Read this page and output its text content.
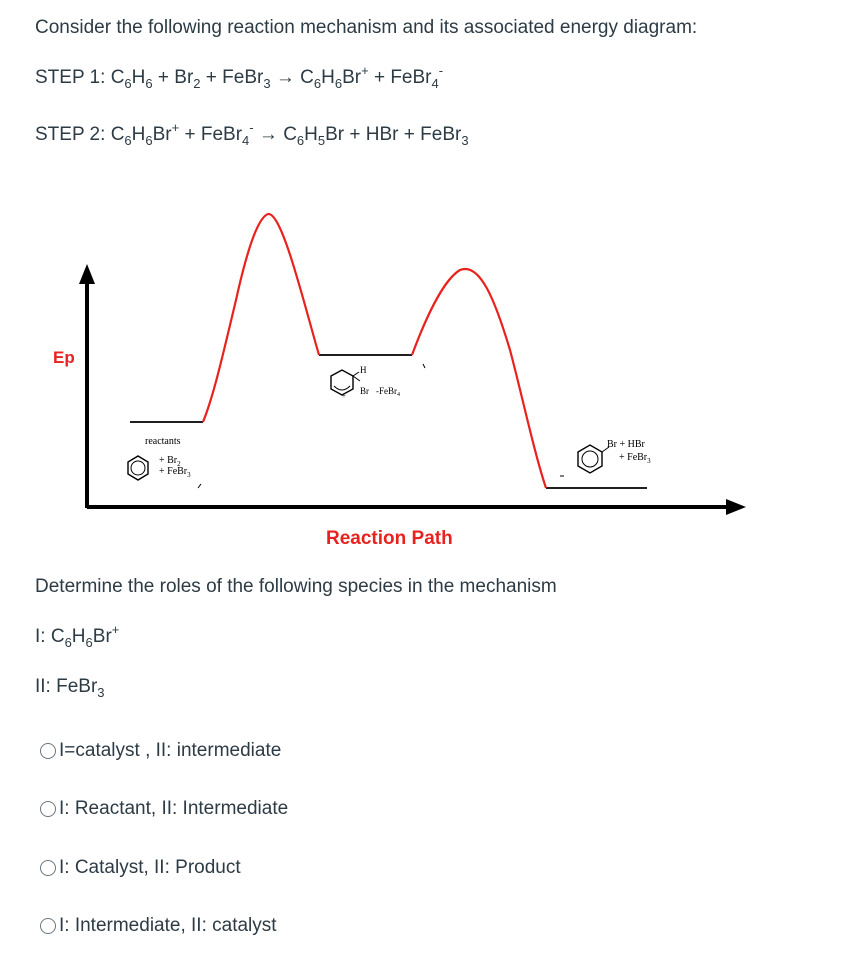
Consider the following reaction mechanism and its associated energy diagram:
STEP 1: $C_6H_6 + Br_2$ + FeBr$_3$ → $C_6H_6Br^+$ + FeBr$_4$-
STEP 2: $C_6H_6Br^+$ + FeBr$_4$- → $C_6H_5Br$ + HBr + FeBr$_3$
Ep
Reaction Path
reactants
+ $Br_2$
+ FeBr$_3$
+
H
Br -FeBr$_4$
Br + HBr
+ FeBr$_3$
Determine the roles of the following species in the mechanism
I: $C_6H_6Br^+$
II: FeBr$_3$
I=catalyst , II: intermediate
I: Reactant, II: Intermediate
I: Catalyst, II: Product
I: Intermediate, II: catalyst
